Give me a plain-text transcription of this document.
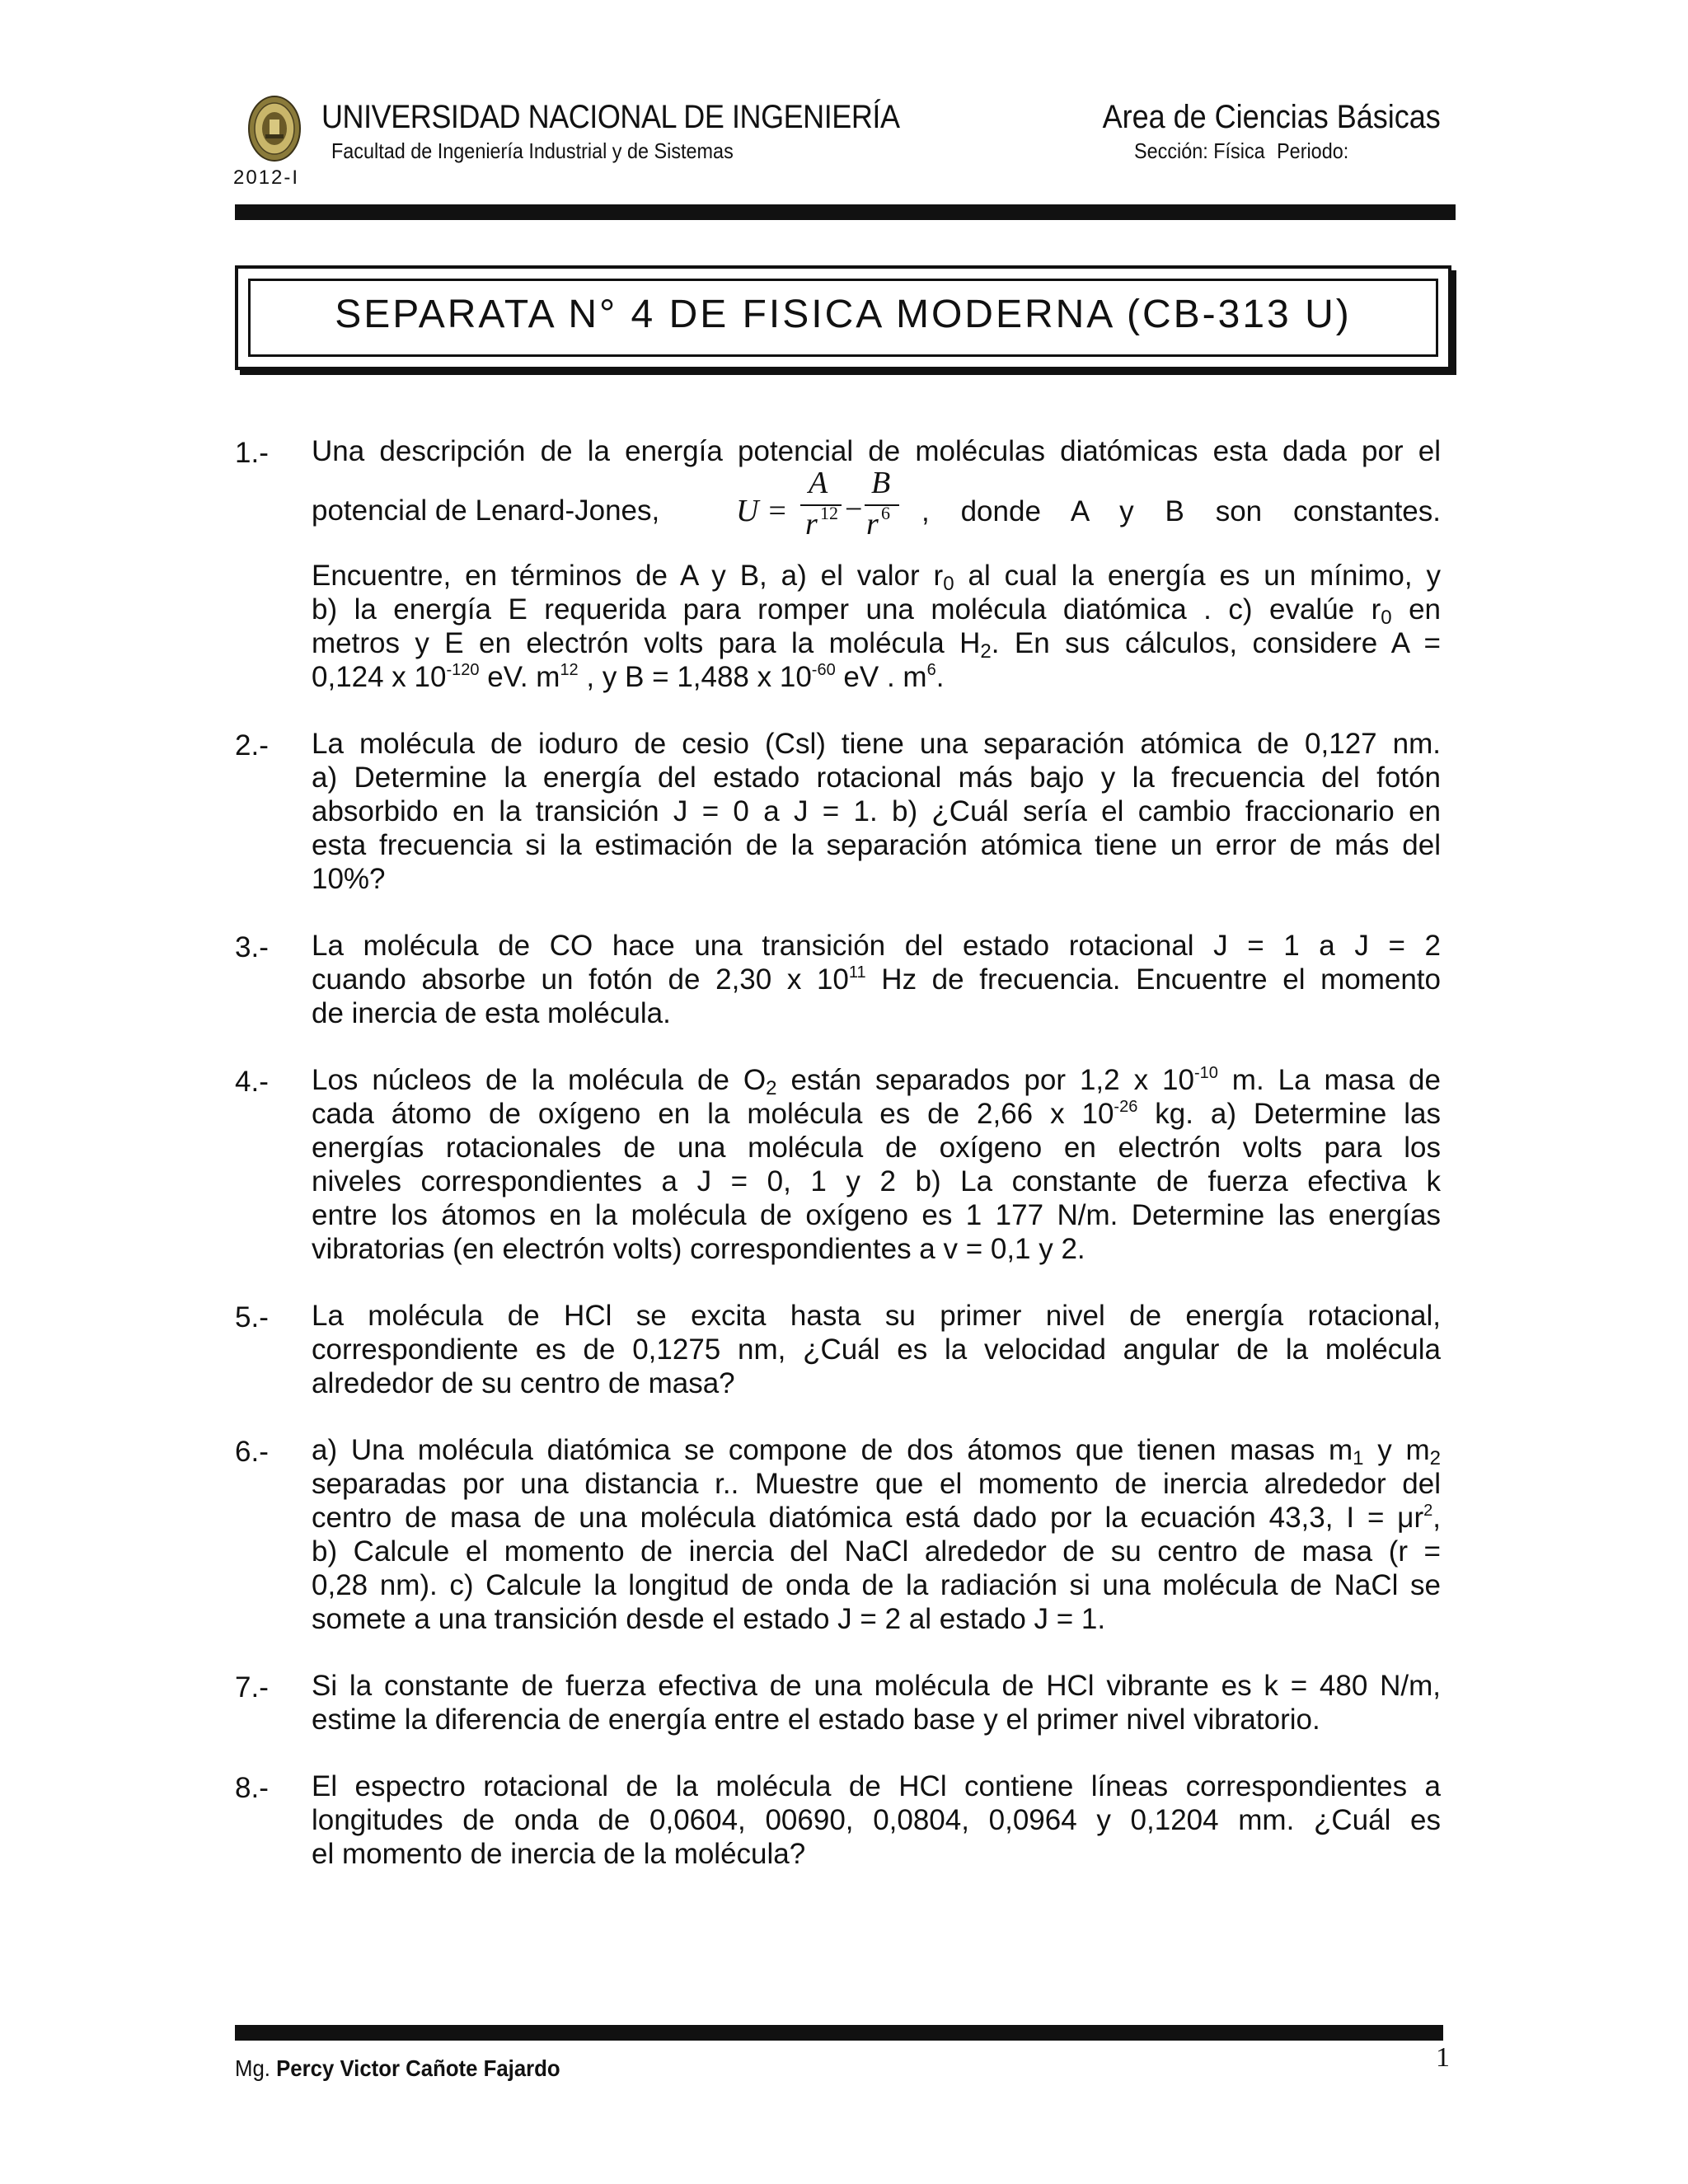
UNIVERSIDAD NACIONAL DE INGENIERÍA
Facultad de Ingeniería Industrial y de Sistemas
Area de Ciencias Básicas
Sección: Física Periodo:
2012-I
SEPARATA N° 4 DE FISICA MODERNA (CB-313 U)
1.- Una descripción de la energía potencial de moléculas diatómicas esta dada por el
potencial de Lenard-Jones, U =
A
r 12 −
B
r 6 , donde A y B son constantes.
Encuentre, en términos de A y B, a) el valor $r_0$ al cual la energía es un mínimo, y
b) la energía E requerida para romper una molécula diatómica . c) evalúe $r_0$ en
metros y E en electrón volts para la molécula $H_2$. En sus cálculos, considere A =
0,124 x $10^{-120}$ eV. $m^{12}$ , y B = 1,488 x $10^{-60}$ eV . $m^6$.
2.- La molécula de ioduro de cesio (Csl) tiene una separación atómica de 0,127 nm.
a) Determine la energía del estado rotacional más bajo y la frecuencia del fotón
absorbido en la transición J = 0 a J = 1. b) ¿Cuál sería el cambio fraccionario en
esta frecuencia si la estimación de la separación atómica tiene un error de más del
10%?
3.- La molécula de CO hace una transición del estado rotacional J = 1 a J = 2
cuando absorbe un fotón de 2,30 x $10^{11}$ Hz de frecuencia. Encuentre el momento
de inercia de esta molécula.
4.- Los núcleos de la molécula de $O_2$ están separados por 1,2 x $10^{-10}$ m. La masa de
cada átomo de oxígeno en la molécula es de 2,66 x $10^{-26}$ kg. a) Determine las
energías rotacionales de una molécula de oxígeno en electrón volts para los
niveles correspondientes a J = 0, 1 y 2 b) La constante de fuerza efectiva k
entre los átomos en la molécula de oxígeno es 1 177 N/m. Determine las energías
vibratorias (en electrón volts) correspondientes a v = 0,1 y 2.
5.- La molécula de HCl se excita hasta su primer nivel de energía rotacional,
correspondiente es de 0,1275 nm, ¿Cuál es la velocidad angular de la molécula
alrededor de su centro de masa?
6.- a) Una molécula diatómica se compone de dos átomos que tienen masas $m_1$ y $m_2$
separadas por una distancia r.. Muestre que el momento de inercia alrededor del
centro de masa de una molécula diatómica está dado por la ecuación 43,3, $I = \mu r^2$,
b) Calcule el momento de inercia del NaCl alrededor de su centro de masa (r =
0,28 nm). c) Calcule la longitud de onda de la radiación si una molécula de NaCl se
somete a una transición desde el estado J = 2 al estado J = 1.
7.- Si la constante de fuerza efectiva de una molécula de HCl vibrante es k = 480 N/m,
estime la diferencia de energía entre el estado base y el primer nivel vibratorio.
8.- El espectro rotacional de la molécula de HCl contiene líneas correspondientes a
longitudes de onda de 0,0604, 00690, 0,0804, 0,0964 y 0,1204 mm. ¿Cuál es
el momento de inercia de la molécula?
Mg. Percy Victor Cañote Fajardo	1
